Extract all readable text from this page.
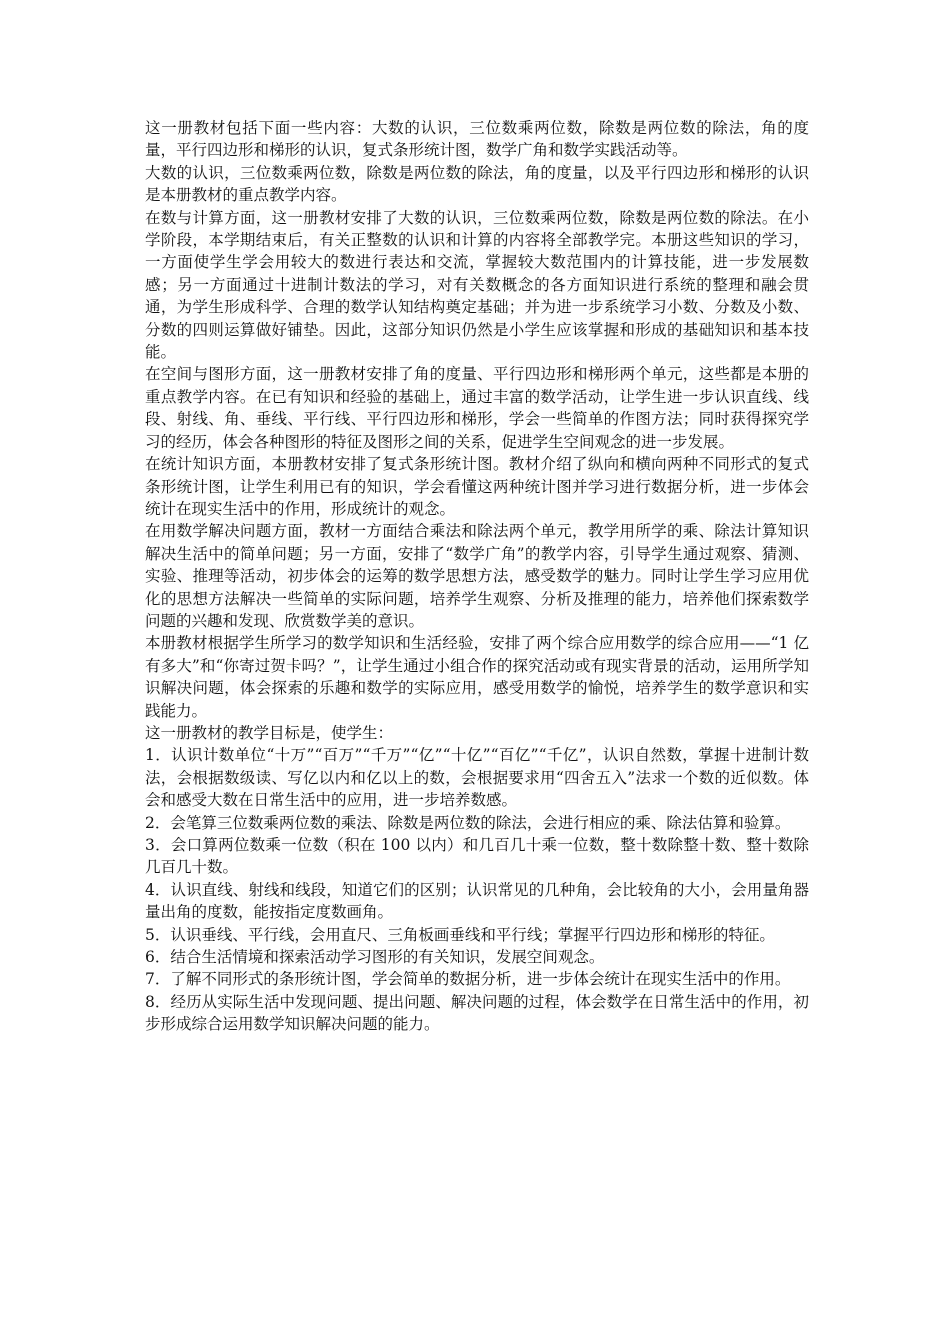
这一册教材包括下面一些内容：大数的认识，三位数乘两位数，除数是两位数的除法，角的度量，平行四边形和梯形的认识，复式条形统计图，数学广角和数学实践活动等。

大数的认识，三位数乘两位数，除数是两位数的除法，角的度量，以及平行四边形和梯形的认识是本册教材的重点教学内容。

在数与计算方面，这一册教材安排了大数的认识，三位数乘两位数，除数是两位数的除法。在小学阶段，本学期结束后，有关正整数的认识和计算的内容将全部教学完。本册这些知识的学习，一方面使学生学会用较大的数进行表达和交流，掌握较大数范围内的计算技能，进一步发展数感；另一方面通过十进制计数法的学习，对有关数概念的各方面知识进行系统的整理和融会贯通，为学生形成科学、合理的数学认知结构奠定基础；并为进一步系统学习小数、分数及小数、分数的四则运算做好铺垫。因此，这部分知识仍然是小学生应该掌握和形成的基础知识和基本技能。

在空间与图形方面，这一册教材安排了角的度量、平行四边形和梯形两个单元，这些都是本册的重点教学内容。在已有知识和经验的基础上，通过丰富的数学活动，让学生进一步认识直线、线段、射线、角、垂线、平行线、平行四边形和梯形，学会一些简单的作图方法；同时获得探究学习的经历，体会各种图形的特征及图形之间的关系，促进学生空间观念的进一步发展。

在统计知识方面，本册教材安排了复式条形统计图。教材介绍了纵向和横向两种不同形式的复式条形统计图，让学生利用已有的知识，学会看懂这两种统计图并学习进行数据分析，进一步体会统计在现实生活中的作用，形成统计的观念。

在用数学解决问题方面，教材一方面结合乘法和除法两个单元，教学用所学的乘、除法计算知识解决生活中的简单问题；另一方面，安排了“数学广角”的教学内容，引导学生通过观察、猜测、实验、推理等活动，初步体会的运筹的数学思想方法，感受数学的魅力。同时让学生学习应用优化的思想方法解决一些简单的实际问题，培养学生观察、分析及推理的能力，培养他们探索数学问题的兴趣和发现、欣赏数学美的意识。

本册教材根据学生所学习的数学知识和生活经验，安排了两个综合应用数学的综合应用——“1 亿有多大”和“你寄过贺卡吗？”，让学生通过小组合作的探究活动或有现实背景的活动，运用所学知识解决问题，体会探索的乐趣和数学的实际应用，感受用数学的愉悦，培养学生的数学意识和实践能力。

这一册教材的教学目标是，使学生：

1．认识计数单位“十万”“百万”“千万”“亿”“十亿”“百亿”“千亿”，认识自然数，掌握十进制计数法，会根据数级读、写亿以内和亿以上的数，会根据要求用“四舍五入”法求一个数的近似数。体会和感受大数在日常生活中的应用，进一步培养数感。

2．会笔算三位数乘两位数的乘法、除数是两位数的除法，会进行相应的乘、除法估算和验算。

3．会口算两位数乘一位数（积在 100 以内）和几百几十乘一位数，整十数除整十数、整十数除几百几十数。

4．认识直线、射线和线段，知道它们的区别；认识常见的几种角，会比较角的大小，会用量角器量出角的度数，能按指定度数画角。

5．认识垂线、平行线，会用直尺、三角板画垂线和平行线；掌握平行四边形和梯形的特征。

6．结合生活情境和探索活动学习图形的有关知识，发展空间观念。

7．了解不同形式的条形统计图，学会简单的数据分析，进一步体会统计在现实生活中的作用。

8．经历从实际生活中发现问题、提出问题、解决问题的过程，体会数学在日常生活中的作用，初步形成综合运用数学知识解决问题的能力。
